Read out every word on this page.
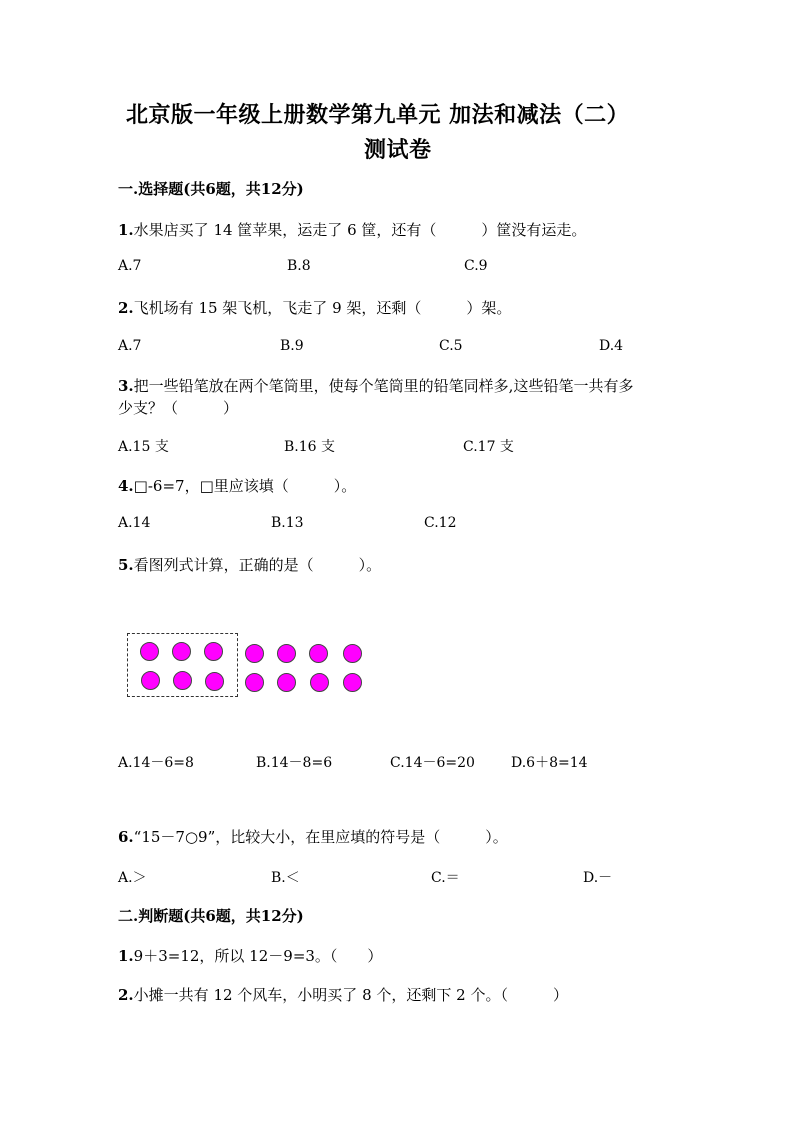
北京版一年级上册数学第九单元 加法和减法（二）
测试卷
一.选择题(共6题，共12分)
1.水果店买了 14 筐苹果，运走了 6 筐，还有（　　　）筐没有运走。
A.7	B.8	C.9
2.飞机场有 15 架飞机，飞走了 9 架，还剩（　　　）架。
A.7	B.9	C.5	D.4
3.把一些铅笔放在两个笔筒里，使每个笔筒里的铅笔同样多,这些铅笔一共有多
少支？（　　　）
A.15 支	B.16 支	C.17 支
4.□-6=7，□里应该填（　　　）。
A.14	B.13	C.12
5.看图列式计算，正确的是（　　　）。
A.14－6=8	B.14－8=6	C.14－6=20	D.6＋8=14
6.“15－7○9”，比较大小，在里应填的符号是（　　　）。
A.＞	B.＜	C.＝	D.－
二.判断题(共6题，共12分)
1.9＋3=12，所以 12－9=3。（　　）
2.小摊一共有 12 个风车，小明买了 8 个，还剩下 2 个。（　　　）
